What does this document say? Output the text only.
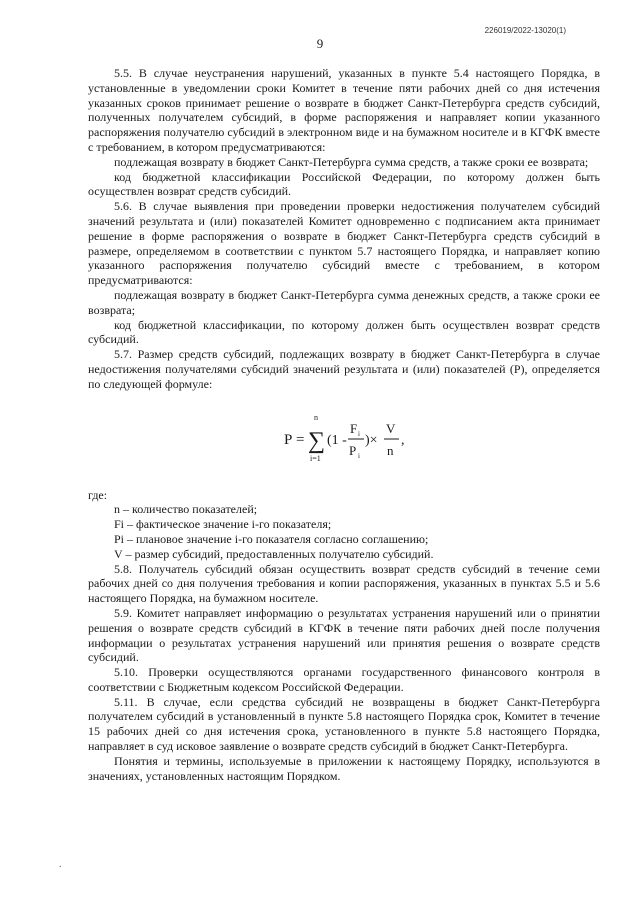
226019/2022-13020(1)
9

5.5. В случае неустранения нарушений, указанных в пункте 5.4 настоящего Порядка, в установленные в уведомлении сроки Комитет в течение пяти рабочих дней со дня истечения указанных сроков принимает решение о возврате в бюджет Санкт-Петербурга средств субсидий, полученных получателем субсидий, в форме распоряжения и направляет копии указанного распоряжения получателю субсидий в электронном виде и на бумажном носителе и в КГФК вместе с требованием, в котором предусматриваются:

подлежащая возврату в бюджет Санкт-Петербурга сумма средств, а также сроки ее возврата;

код бюджетной классификации Российской Федерации, по которому должен быть осуществлен возврат средств субсидий.

5.6. В случае выявления при проведении проверки недостижения получателем субсидий значений результата и (или) показателей Комитет одновременно с подписанием акта принимает решение в форме распоряжения о возврате в бюджет Санкт-Петербурга средств субсидий в размере, определяемом в соответствии с пунктом 5.7 настоящего Порядка, и направляет копию указанного распоряжения получателю субсидий вместе с требованием, в котором предусматриваются:

подлежащая возврату в бюджет Санкт-Петербурга сумма денежных средств, а также сроки ее возврата;

код бюджетной классификации, по которому должен быть осуществлен возврат средств субсидий.

5.7. Размер средств субсидий, подлежащих возврату в бюджет Санкт-Петербурга в случае недостижения получателями субсидий значений результата и (или) показателей (Р), определяется по следующей формуле:

P =
n
∑
i=1
(1 -
F i
P i
)×
V
n
,

где:

n – количество показателей;

Fi – фактическое значение i-го показателя;

Pi – плановое значение i-го показателя согласно соглашению;

V – размер субсидий, предоставленных получателю субсидий.

5.8. Получатель субсидий обязан осуществить возврат средств субсидий в течение семи рабочих дней со дня получения требования и копии распоряжения, указанных в пунктах 5.5 и 5.6 настоящего Порядка, на бумажном носителе.

5.9. Комитет направляет информацию о результатах устранения нарушений или о принятии решения о возврате средств субсидий в КГФК в течение пяти рабочих дней после получения информации о результатах устранения нарушений или принятия решения о возврате средств субсидий.

5.10. Проверки осуществляются органами государственного финансового контроля в соответствии с Бюджетным кодексом Российской Федерации.

5.11. В случае, если средства субсидий не возвращены в бюджет Санкт-Петербурга получателем субсидий в установленный в пункте 5.8 настоящего Порядка срок, Комитет в течение 15 рабочих дней со дня истечения срока, установленного в пункте 5.8 настоящего Порядка, направляет в суд исковое заявление о возврате средств субсидий в бюджет Санкт-Петербурга.

Понятия и термины, используемые в приложении к настоящему Порядку, используются в значениях, установленных настоящим Порядком.

.
